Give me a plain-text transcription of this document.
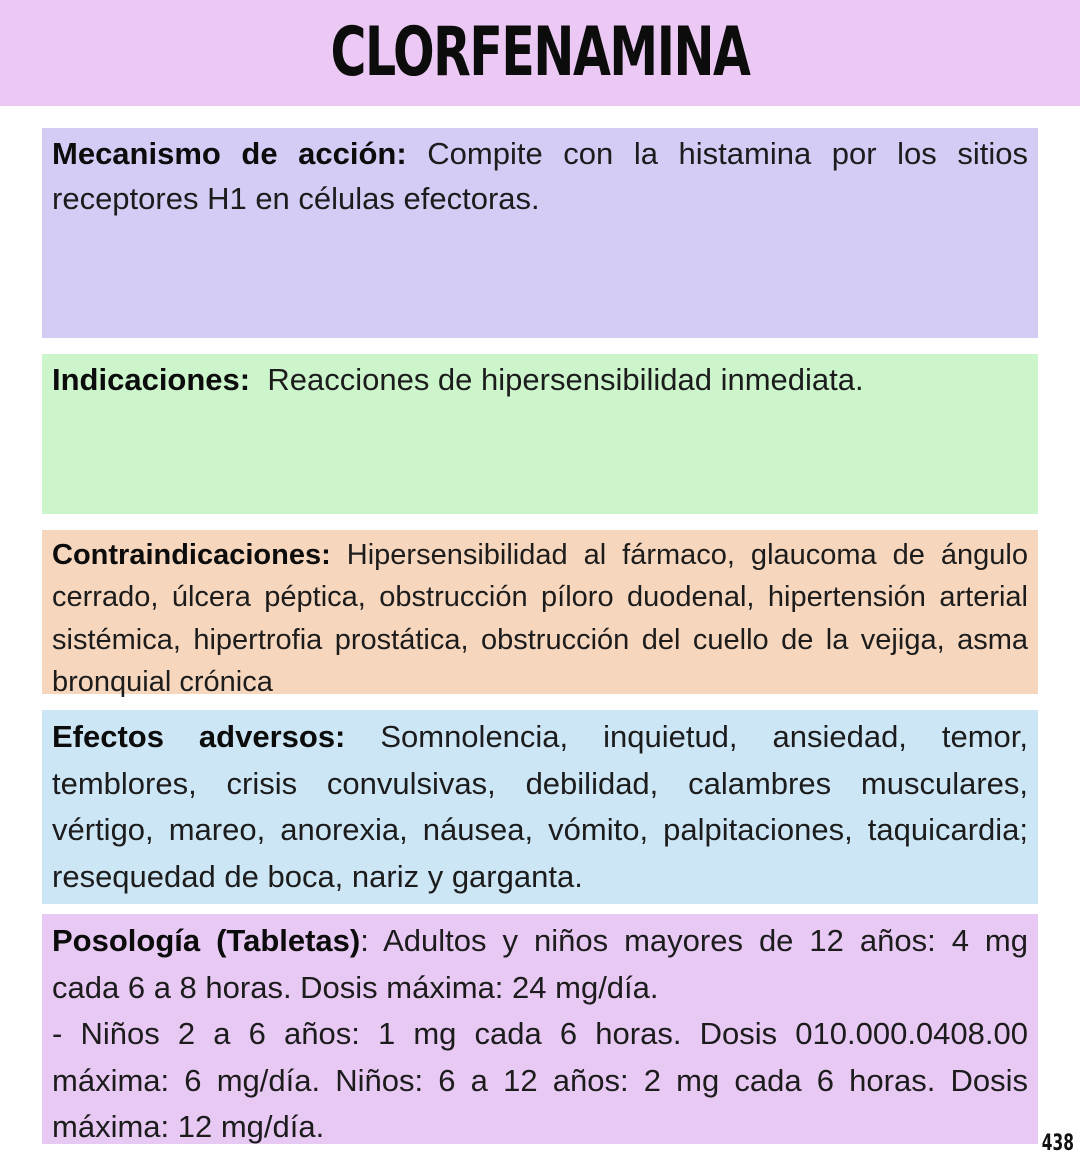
CLORFENAMINA

Mecanismo de acción: Compite con la histamina por los sitios receptores H1 en células efectoras.

Indicaciones: Reacciones de hipersensibilidad inmediata.

Contraindicaciones: Hipersensibilidad al fármaco, glaucoma de ángulo cerrado, úlcera péptica, obstrucción píloro duodenal, hipertensión arterial sistémica, hipertrofia prostática, obstrucción del cuello de la vejiga, asma bronquial crónica

Efectos adversos: Somnolencia, inquietud, ansiedad, temor, temblores, crisis convulsivas, debilidad, calambres musculares, vértigo, mareo, anorexia, náusea, vómito, palpitaciones, taquicardia; resequedad de boca, nariz y garganta.

Posología (Tabletas): Adultos y niños mayores de 12 años: 4 mg cada 6 a 8 horas. Dosis máxima: 24 mg/día.

- Niños 2 a 6 años: 1 mg cada 6 horas. Dosis 010.000.0408.00 máxima: 6 mg/día. Niños: 6 a 12 años: 2 mg cada 6 horas. Dosis máxima: 12 mg/día.	438
